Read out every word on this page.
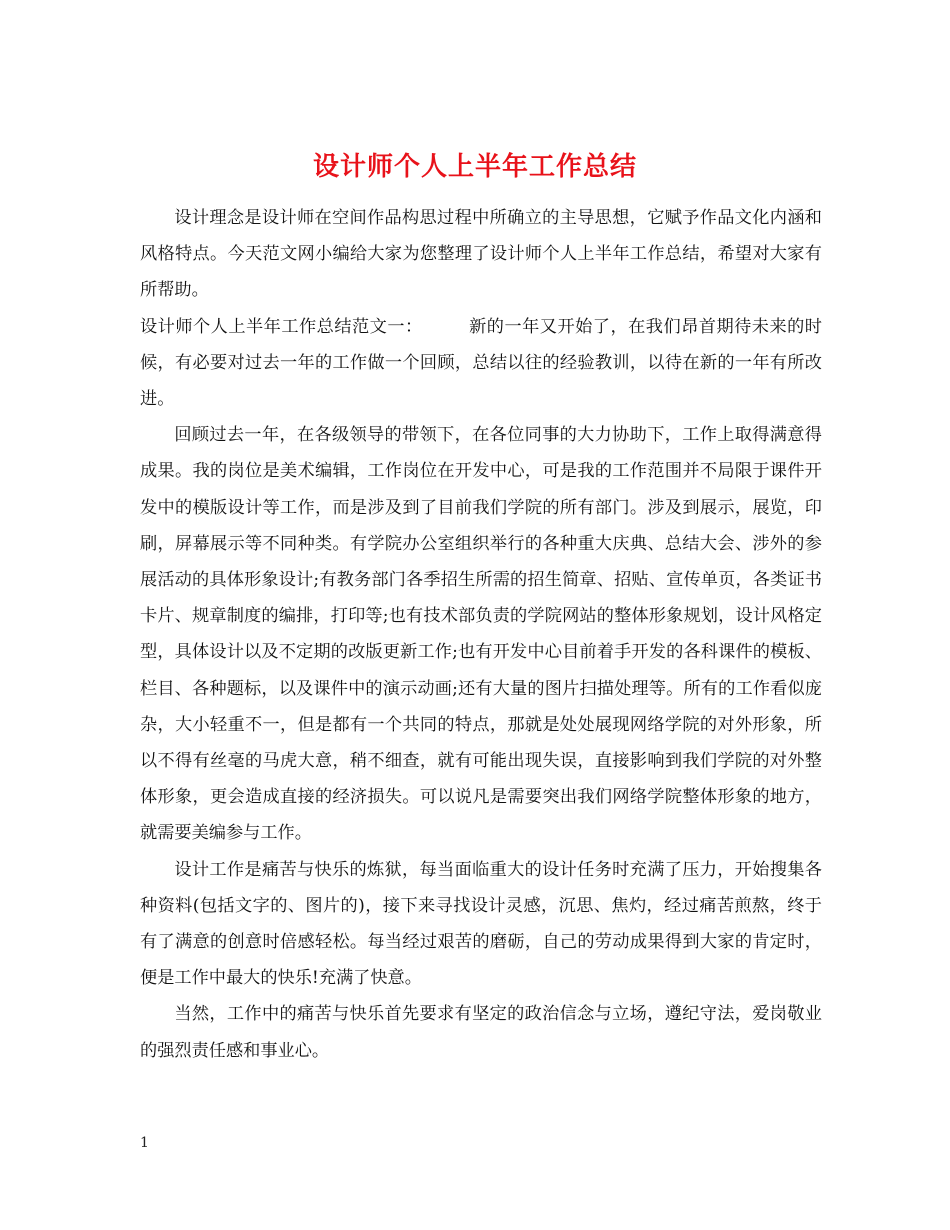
设计师个人上半年工作总结

设计理念是设计师在空间作品构思过程中所确立的主导思想，它赋予作品文化内涵和风格特点。今天范文网小编给大家为您整理了设计师个人上半年工作总结，希望对大家有所帮助。

设计师个人上半年工作总结范文一：	新的一年又开始了，在我们昂首期待未来的时候，有必要对过去一年的工作做一个回顾，总结以往的经验教训，以待在新的一年有所改进。

回顾过去一年，在各级领导的带领下，在各位同事的大力协助下，工作上取得满意得成果。我的岗位是美术编辑，工作岗位在开发中心，可是我的工作范围并不局限于课件开发中的模版设计等工作，而是涉及到了目前我们学院的所有部门。涉及到展示，展览，印刷，屏幕展示等不同种类。有学院办公室组织举行的各种重大庆典、总结大会、涉外的参展活动的具体形象设计;有教务部门各季招生所需的招生简章、招贴、宣传单页，各类证书卡片、规章制度的编排，打印等;也有技术部负责的学院网站的整体形象规划，设计风格定型，具体设计以及不定期的改版更新工作;也有开发中心目前着手开发的各科课件的模板、栏目、各种题标，以及课件中的演示动画;还有大量的图片扫描处理等。所有的工作看似庞杂，大小轻重不一，但是都有一个共同的特点，那就是处处展现网络学院的对外形象，所以不得有丝毫的马虎大意，稍不细查，就有可能出现失误，直接影响到我们学院的对外整体形象，更会造成直接的经济损失。可以说凡是需要突出我们网络学院整体形象的地方，就需要美编参与工作。

设计工作是痛苦与快乐的炼狱，每当面临重大的设计任务时充满了压力，开始搜集各种资料(包括文字的、图片的)，接下来寻找设计灵感，沉思、焦灼，经过痛苦煎熬，终于有了满意的创意时倍感轻松。每当经过艰苦的磨砺，自己的劳动成果得到大家的肯定时，便是工作中最大的快乐!充满了快意。

当然，工作中的痛苦与快乐首先要求有坚定的政治信念与立场，遵纪守法，爱岗敬业的强烈责任感和事业心。

1
